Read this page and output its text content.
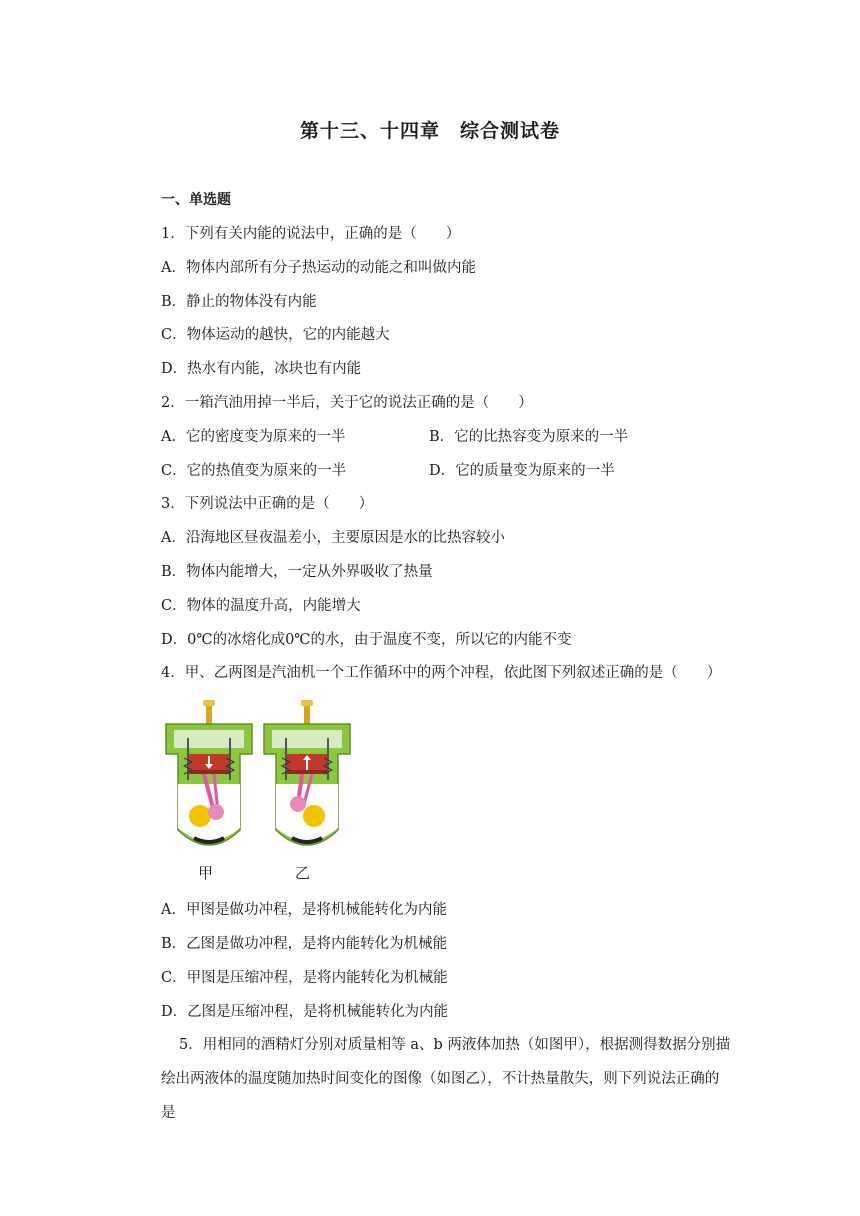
第十三、十四章　综合测试卷
一、单选题
1．下列有关内能的说法中，正确的是（　　）
A．物体内部所有分子热运动的动能之和叫做内能
B．静止的物体没有内能
C．物体运动的越快，它的内能越大
D．热水有内能，冰块也有内能
2．一箱汽油用掉一半后，关于它的说法正确的是（　　）
A．它的密度变为原来的一半	B．它的比热容变为原来的一半
C．它的热值变为原来的一半	D．它的质量变为原来的一半
3．下列说法中正确的是（　　）
A．沿海地区昼夜温差小，主要原因是水的比热容较小
B．物体内能增大，一定从外界吸收了热量
C．物体的温度升高，内能增大
D．0℃的冰熔化成0℃的水，由于温度不变，所以它的内能不变
4．甲、乙两图是汽油机一个工作循环中的两个冲程，依此图下列叙述正确的是（　　）
甲	乙
A．甲图是做功冲程，是将机械能转化为内能
B．乙图是做功冲程，是将内能转化为机械能
C．甲图是压缩冲程，是将内能转化为机械能
D．乙图是压缩冲程，是将机械能转化为内能
5．用相同的酒精灯分别对质量相等 a、b 两液体加热（如图甲），根据测得数据分别描绘出两液体的温度随加热时间变化的图像（如图乙），不计热量散失，则下列说法正确的是
